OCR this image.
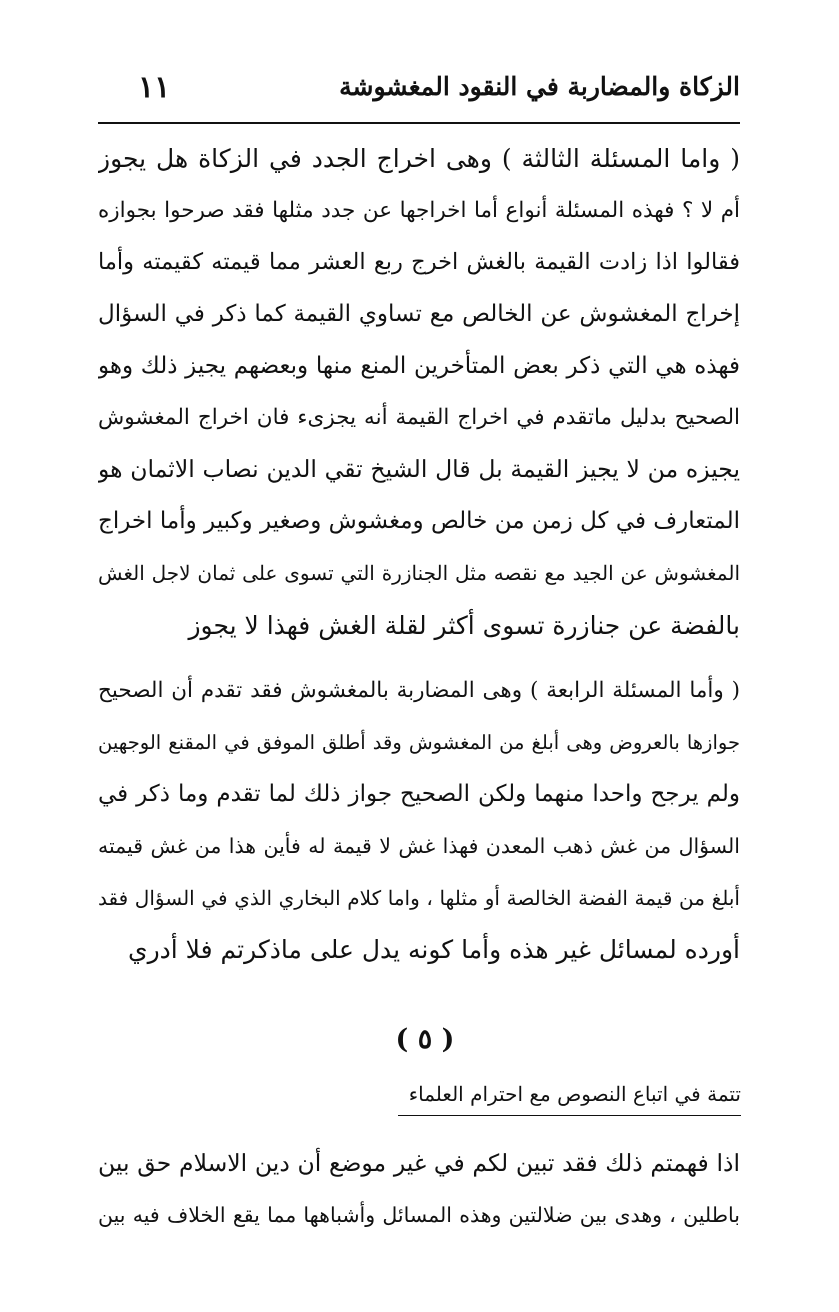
الزكاة والمضاربة في النقود المغشوشة
١١
( واما المسئلة الثالثة ) وهى اخراج الجدد في الزكاة هل يجوز
أم لا ؟ فهذه المسئلة أنواع أما اخراجها عن جدد مثلها فقد صرحوا بجوازه
فقالوا اذا زادت القيمة بالغش اخرج ربع العشر مما قيمته كقيمته وأما
إخراج المغشوش عن الخالص مع تساوي القيمة كما ذكر في السؤال
فهذه هي التي ذكر بعض المتأخرين المنع منها وبعضهم يجيز ذلك وهو
الصحيح بدليل ماتقدم في اخراج القيمة أنه يجزىء فان اخراج المغشوش
يجيزه من لا يجيز القيمة بل قال الشيخ تقي الدين نصاب الاثمان هو
المتعارف في كل زمن من خالص ومغشوش وصغير وكبير وأما اخراج
المغشوش عن الجيد مع نقصه مثل الجنازرة التي تسوى على ثمان لاجل الغش
بالفضة عن جنازرة تسوى أكثر لقلة الغش فهذا لا يجوز
( وأما المسئلة الرابعة ) وهى المضاربة بالمغشوش فقد تقدم أن الصحيح
جوازها بالعروض وهى أبلغ من المغشوش وقد أطلق الموفق في المقنع الوجهين
ولم يرجح واحدا منهما ولكن الصحيح جواز ذلك لما تقدم وما ذكر في
السؤال من غش ذهب المعدن فهذا غش لا قيمة له فأين هذا من غش قيمته
أبلغ من قيمة الفضة الخالصة أو مثلها ، واما كلام البخاري الذي في السؤال فقد
أورده لمسائل غير هذه وأما كونه يدل على ماذكرتم فلا أدري
( ٥ )
تتمة في اتباع النصوص مع احترام العلماء
اذا فهمتم ذلك فقد تبين لكم في غير موضع أن دين الاسلام حق بين
باطلين ، وهدى بين ضلالتين وهذه المسائل وأشباهها مما يقع الخلاف فيه بين
